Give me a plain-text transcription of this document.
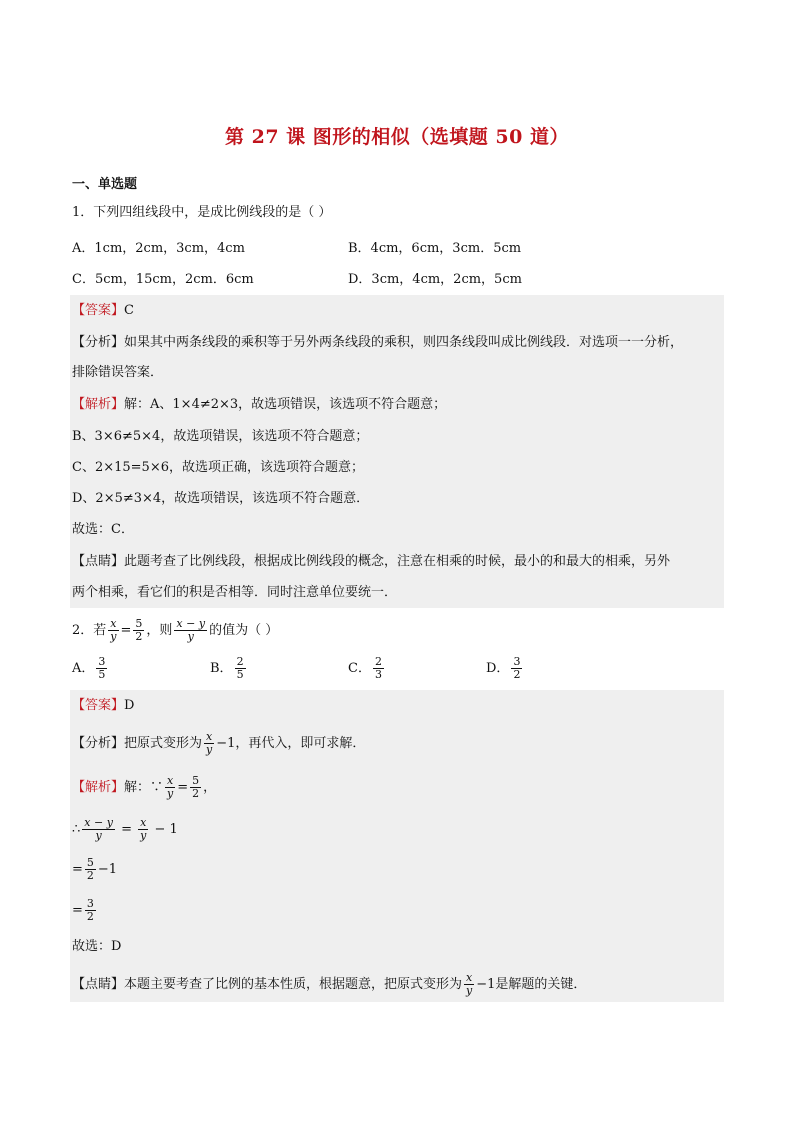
第 27 课 图形的相似（选填题 50 道）
一、单选题
1．下列四组线段中，是成比例线段的是（ ）
A．1cm，2cm，3cm，4cm	B．4cm，6cm，3cm．5cm
C．5cm，15cm，2cm．6cm	D．3cm，4cm，2cm，5cm
【答案】C
【分析】如果其中两条线段的乘积等于另外两条线段的乘积，则四条线段叫成比例线段．对选项一一分析，
排除错误答案．
【解析】解：A、1×4≠2×3，故选项错误，该选项不符合题意；
B、3×6≠5×4，故选项错误，该选项不符合题意；
C、2×15=5×6，故选项正确，该选项符合题意；
D、2×5≠3×4，故选项错误，该选项不符合题意．
故选：C．
【点睛】此题考查了比例线段，根据成比例线段的概念，注意在相乘的时候，最小的和最大的相乘，另外
两个相乘，看它们的积是否相等．同时注意单位要统一．
2．若 $\frac{x}{y} = \frac{5}{2}$ ，则 $\frac{x - y}{y}$ 的值为（ ）
A． $\frac{3}{5}$	B． $\frac{2}{5}$	C． $\frac{2}{3}$	D． $\frac{3}{2}$
【答案】D
【分析】把原式变形为 $\frac{x}{y} -1$，再代入，即可求解．
【解析】解：∵ $\frac{x}{y} = \frac{5}{2}$ ，
∴ $\frac{x - y}{y} = \frac{x}{y} - 1$
= $\frac{5}{2} -1$
= $\frac{3}{2}$
故选：D
【点睛】本题主要考查了比例的基本性质，根据题意，把原式变形为 $\frac{x}{y} -1$是解题的关键．
